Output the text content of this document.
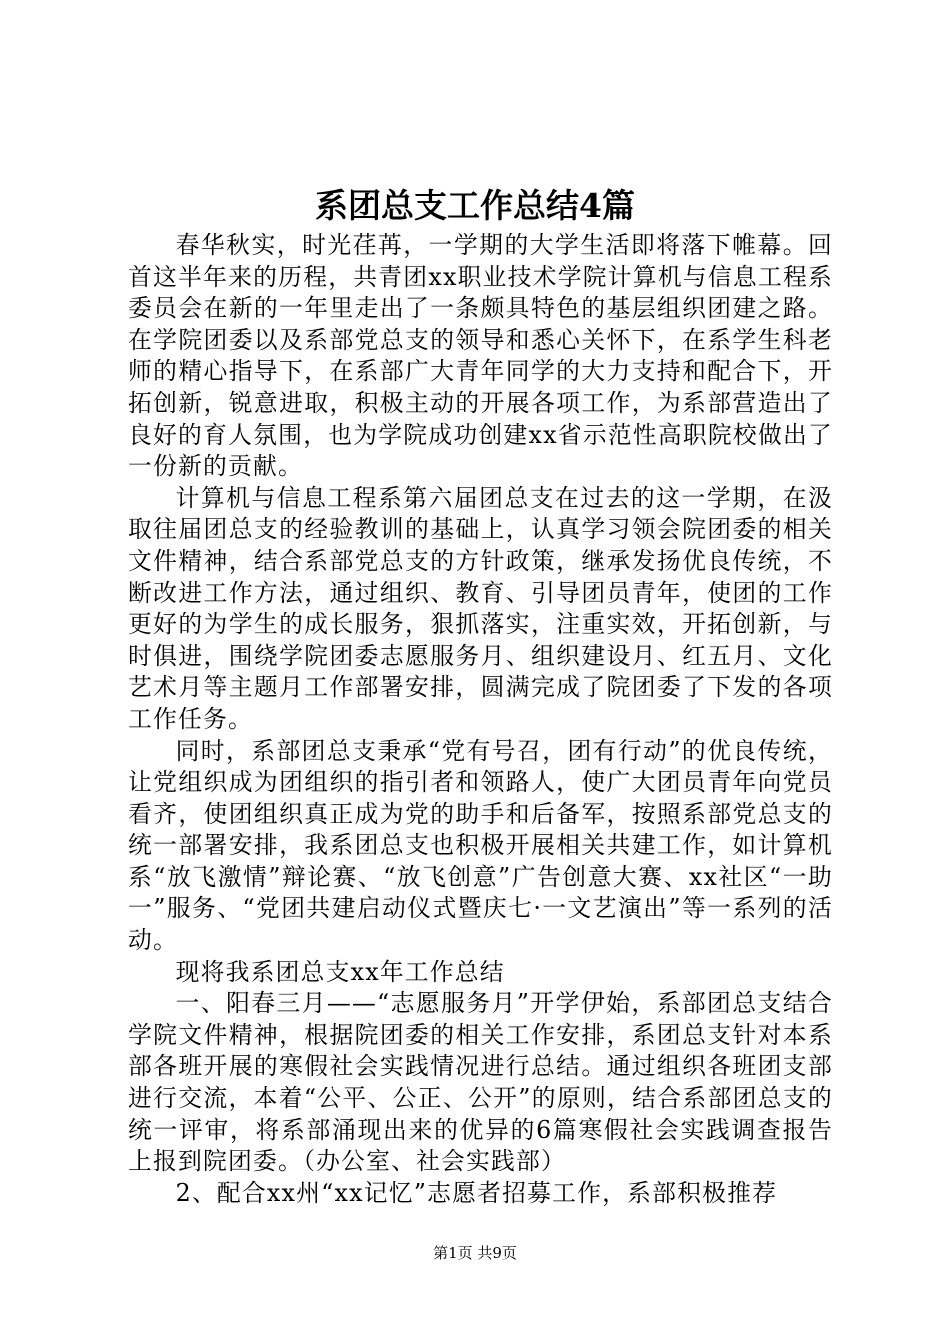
系团总支工作总结4篇

春华秋实，时光荏苒，一学期的大学生活即将落下帷幕。回首这半年来的历程，共青团xx职业技术学院计算机与信息工程系委员会在新的一年里走出了一条颇具特色的基层组织团建之路。在学院团委以及系部党总支的领导和悉心关怀下，在系学生科老师的精心指导下，在系部广大青年同学的大力支持和配合下，开拓创新，锐意进取，积极主动的开展各项工作，为系部营造出了良好的育人氛围，也为学院成功创建xx省示范性高职院校做出了一份新的贡献。

计算机与信息工程系第六届团总支在过去的这一学期，在汲取往届团总支的经验教训的基础上，认真学习领会院团委的相关文件精神，结合系部党总支的方针政策，继承发扬优良传统，不断改进工作方法，通过组织、教育、引导团员青年，使团的工作更好的为学生的成长服务，狠抓落实，注重实效，开拓创新，与时俱进，围绕学院团委志愿服务月、组织建设月、红五月、文化艺术月等主题月工作部署安排，圆满完成了院团委了下发的各项工作任务。

同时，系部团总支秉承“党有号召，团有行动”的优良传统，让党组织成为团组织的指引者和领路人，使广大团员青年向党员看齐，使团组织真正成为党的助手和后备军，按照系部党总支的统一部署安排，我系团总支也积极开展相关共建工作，如计算机系“放飞激情”辩论赛、“放飞创意”广告创意大赛、xx社区“一助一”服务、“党团共建启动仪式暨庆七·一文艺演出”等一系列的活动。

现将我系团总支xx年工作总结

一、阳春三月——“志愿服务月”开学伊始，系部团总支结合学院文件精神，根据院团委的相关工作安排，系团总支针对本系部各班开展的寒假社会实践情况进行总结。通过组织各班团支部进行交流，本着“公平、公正、公开”的原则，结合系部团总支的统一评审，将系部涌现出来的优异的6篇寒假社会实践调查报告上报到院团委。（办公室、社会实践部）

2、配合xx州“xx记忆”志愿者招募工作，系部积极推荐

第1页 共9页
